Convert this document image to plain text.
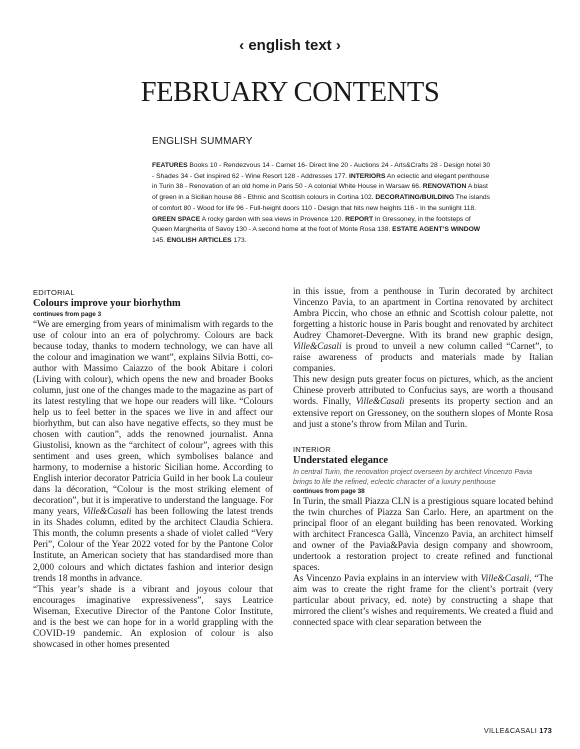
‹ english text ›
FEBRUARY CONTENTS
ENGLISH SUMMARY
FEATURES Books 10 - Rendezvous 14 - Carnet 16- Direct line 20 - Auctions 24 - Arts&Crafts 28 - Design hotel 30 - Shades 34 - Get inspired 62 - Wine Resort 128 - Addresses 177. INTERIORS An eclectic and elegant penthouse in Turin 38 - Renovation of an old home in Paris 50 - A colonial White House in Warsaw 66. RENOVATION A blast of green in a Sicilian house 86 - Ethnic and Scottish colours in Cortina 102. DECORATING/BUILDING The islands of comfort 80 - Wood for life 96 - Full-height doors 110 - Design that hits new heights 116 - In the sunlight 118. GREEN SPACE A rocky garden with sea views in Provence 120. REPORT In Gressoney, in the footsteps of Queen Margherita of Savoy 130 - A second home at the foot of Monte Rosa 138. ESTATE AGENT’S WINDOW 145. ENGLISH ARTICLES 173.
EDITORIAL
Colours improve your biorhythm
continues from page 3

“We are emerging from years of minimalism with regards to the use of colour into an era of polychromy. Colours are back because today, thanks to modern technology, we can have all the colour and imagination we want”, explains Silvia Botti, co-author with Massimo Caiazzo of the book Abitare i colori (Living with colour), which opens the new and broader Books column, just one of the changes made to the magazine as part of its latest restyling that we hope our readers will like. “Colours help us to feel better in the spaces we live in and affect our biorhythm, but can also have negative effects, so they must be chosen with caution”, adds the renowned journalist. Anna Giustolisi, known as the “architect of colour”, agrees with this sentiment and uses green, which symbolises balance and harmony, to modernise a historic Sicilian home. According to English interior decorator Patricia Guild in her book La couleur dans la décoration, “Colour is the most striking element of decoration”, but it is imperative to understand the language. For many years, Ville&Casali has been following the latest trends in its Shades column, edited by the architect Claudia Schiera. This month, the column presents a shade of violet called “Very Peri”, Colour of the Year 2022 voted for by the Pantone Color Institute, an American society that has standardised more than 2,000 colours and which dictates fashion and interior design trends 18 months in advance.

“This year’s shade is a vibrant and joyous colour that encourages imaginative expressiveness”, says Leatrice Wiseman, Executive Director of the Pantone Color Institute, and is the best we can hope for in a world grappling with the COVID-19 pandemic. An explosion of colour is also showcased in other homes presented

in this issue, from a penthouse in Turin decorated by architect Vincenzo Pavia, to an apartment in Cortina renovated by architect Ambra Piccin, who chose an ethnic and Scottish colour palette, not forgetting a historic house in Paris bought and renovated by architect Audrey Chamoret-Devergne. With its brand new graphic design, Ville&Casali is proud to unveil a new column called “Carnet”, to raise awareness of products and materials made by Italian companies.

This new design puts greater focus on pictures, which, as the ancient Chinese proverb attributed to Confucius says, are worth a thousand words. Finally, Ville&Casali presents its property section and an extensive report on Gressoney, on the southern slopes of Monte Rosa and just a stone’s throw from Milan and Turin.

INTERIOR
Understated elegance
In central Turin, the renovation project overseen by architect Vincenzo Pavia brings to life the refined, eclectic character of a luxury penthouse
continues from page 38

In Turin, the small Piazza CLN is a prestigious square located behind the twin churches of Piazza San Carlo. Here, an apartment on the principal floor of an elegant building has been renovated. Working with architect Francesca Gallà, Vincenzo Pavia, an architect himself and owner of the Pavia&Pavia design company and showroom, undertook a restoration project to create refined and functional spaces.

As Vincenzo Pavia explains in an interview with Ville&Casali, “The aim was to create the right frame for the client’s portrait (very particular about privacy, ed. note) by constructing a shape that mirrored the client’s wishes and requirements. We created a fluid and connected space with clear separation between the

VILLE&CASALI 173
